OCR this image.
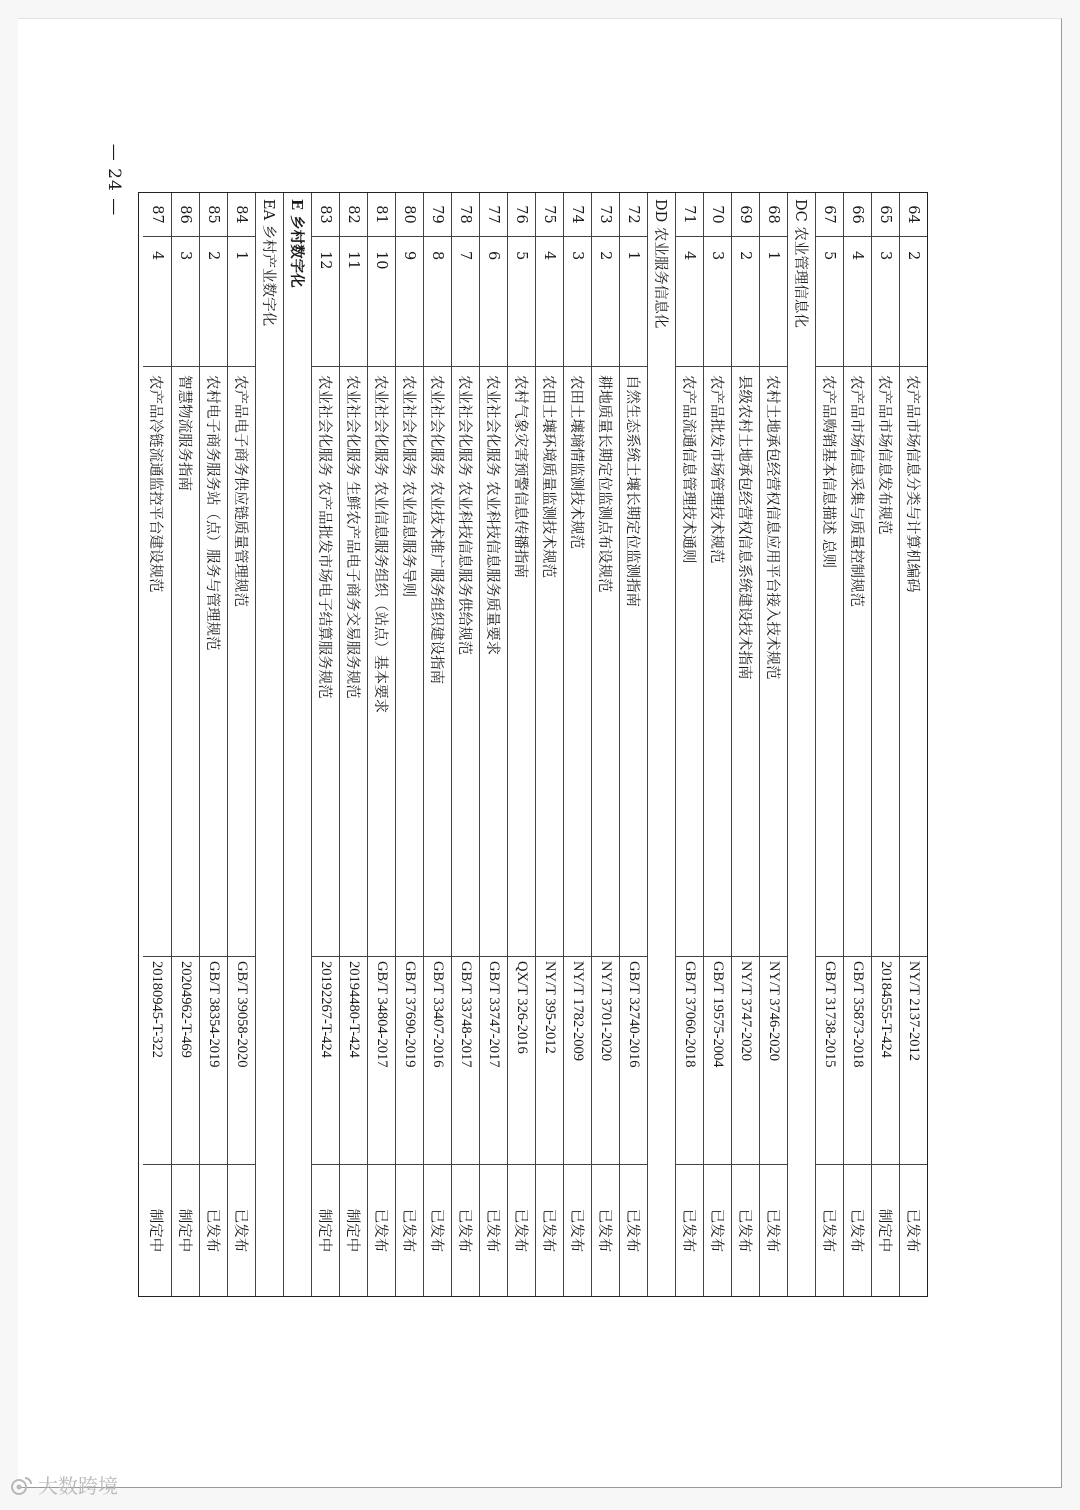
— 24 —	64
2
农产品市场信息分类与计算机编码
NY/T 2137-2012
已发布
65
3
农产品市场信息发布规范
20184555-T-424
制定中
66
4
农产品市场信息采集与质量控制规范
GB/T 35873-2018
已发布
67
5
农产品购销基本信息描述 总则
GB/T 31738-2015
已发布
DC 农业管理信息化
68
1
农村土地承包经营权信息应用平台接入技术规范
NY/T 3746-2020
已发布
69
2
县级农村土地承包经营权信息系统建设技术指南
NY/T 3747-2020
已发布
70
3
农产品批发市场管理技术规范
GB/T 19575-2004
已发布
71
4
农产品流通信息管理技术通则
GB/T 37060-2018
已发布
DD 农业服务信息化
72
1
自然生态系统土壤长期定位监测指南
GB/T 32740-2016
已发布
73
2
耕地质量长期定位监测点布设规范
NY/T 3701-2020
已发布
74
3
农田土壤墒情监测技术规范
NY/T 1782-2009
已发布
75
4
农田土壤环境质量监测技术规范
NY/T 395-2012
已发布
76
5
农村气象灾害预警信息传播指南
QX/T 326-2016
已发布
77
6
农业社会化服务 农业科技信息服务质量要求
GB/T 33747-2017
已发布
78
7
农业社会化服务 农业科技信息服务供给规范
GB/T 33748-2017
已发布
79
8
农业社会化服务 农业技术推广服务组织建设指南
GB/T 33407-2016
已发布
80
9
农业社会化服务 农业信息服务导则
GB/T 37690-2019
已发布
81
10
农业社会化服务 农业信息服务组织（站点）基本要求
GB/T 34804-2017
已发布
82
11
农业社会化服务 生鲜农产品电子商务交易服务规范
20194480-T-424
制定中
83
12
农业社会化服务 农产品批发市场电子结算服务规范
20192267-T-424
制定中
E 乡村数字化
EA 乡村产业数字化
84
1
农产品电子商务供应链质量管理规范
GB/T 39058-2020
已发布
85
2
农村电子商务服务站（点）服务与管理规范
GB/T 38354-2019
已发布
86
3
智慧物流服务指南
20204962-T-469
制定中
87
4
农产品冷链流通监控平台建设规范
20180945-T-322
制定中
大数跨境
